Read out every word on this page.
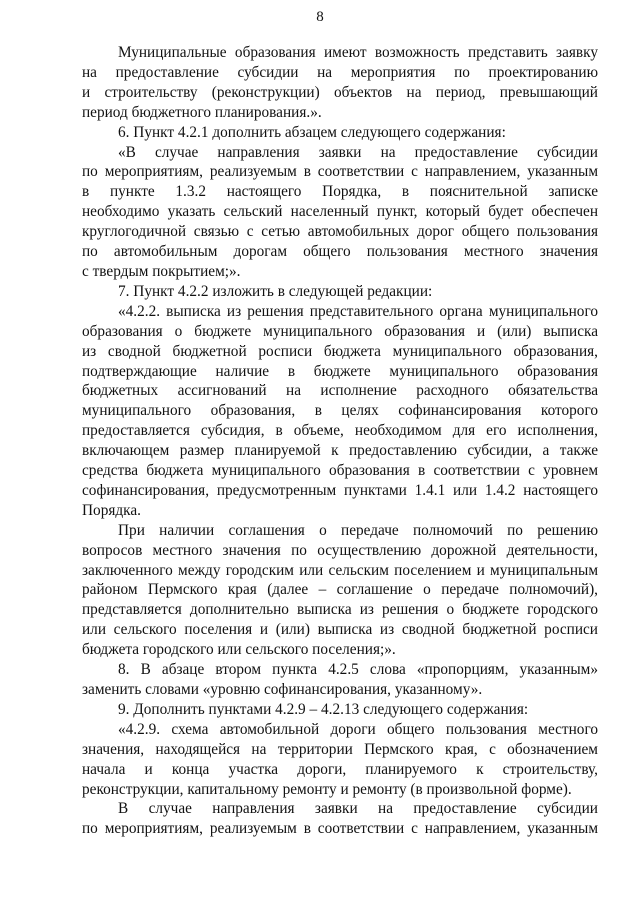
8
Муниципальные образования имеют возможность представить заявку
на предоставление субсидии на мероприятия по проектированию
и строительству (реконструкции) объектов на период, превышающий
период бюджетного планирования.».
6. Пункт 4.2.1 дополнить абзацем следующего содержания:
«В случае направления заявки на предоставление субсидии
по мероприятиям, реализуемым в соответствии с направлением, указанным
в пункте 1.3.2 настоящего Порядка, в пояснительной записке
необходимо указать сельский населенный пункт, который будет обеспечен
круглогодичной связью с сетью автомобильных дорог общего пользования
по автомобильным дорогам общего пользования местного значения
с твердым покрытием;».
7. Пункт 4.2.2 изложить в следующей редакции:
«4.2.2. выписка из решения представительного органа муниципального
образования о бюджете муниципального образования и (или) выписка
из сводной бюджетной росписи бюджета муниципального образования,
подтверждающие наличие в бюджете муниципального образования
бюджетных ассигнований на исполнение расходного обязательства
муниципального образования, в целях софинансирования которого
предоставляется субсидия, в объеме, необходимом для его исполнения,
включающем размер планируемой к предоставлению субсидии, а также
средства бюджета муниципального образования в соответствии с уровнем
софинансирования, предусмотренным пунктами 1.4.1 или 1.4.2 настоящего
Порядка.
При наличии соглашения о передаче полномочий по решению
вопросов местного значения по осуществлению дорожной деятельности,
заключенного между городским или сельским поселением и муниципальным
районом Пермского края (далее – соглашение о передаче полномочий),
представляется дополнительно выписка из решения о бюджете городского
или сельского поселения и (или) выписка из сводной бюджетной росписи
бюджета городского или сельского поселения;».
8. В абзаце втором пункта 4.2.5 слова «пропорциям, указанным»
заменить словами «уровню софинансирования, указанному».
9. Дополнить пунктами 4.2.9 – 4.2.13 следующего содержания:
«4.2.9. схема автомобильной дороги общего пользования местного
значения, находящейся на территории Пермского края, с обозначением
начала и конца участка дороги, планируемого к строительству,
реконструкции, капитальному ремонту и ремонту (в произвольной форме).
В случае направления заявки на предоставление субсидии
по мероприятиям, реализуемым в соответствии с направлением, указанным
